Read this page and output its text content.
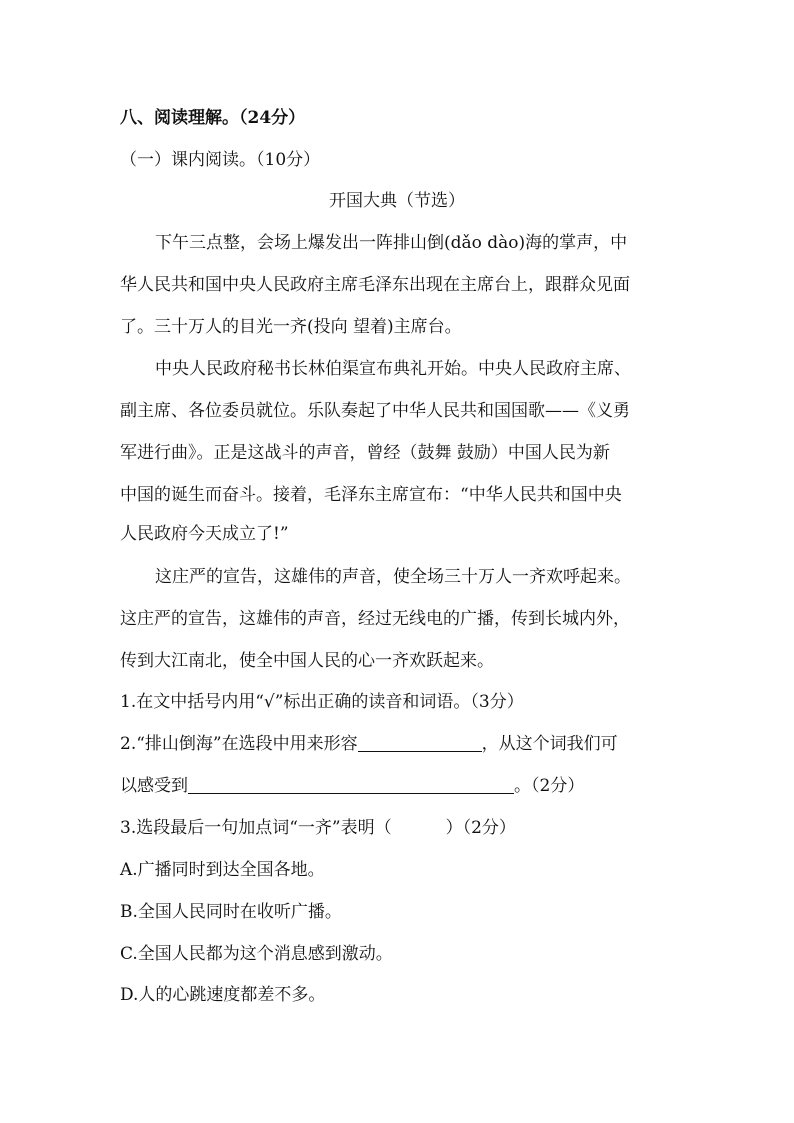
八、阅读理解。（24分）
（一）课内阅读。（10分）
开国大典（节选）
下午三点整，会场上爆发出一阵排山倒(dǎo dào)海的掌声，中
华人民共和国中央人民政府主席毛泽东出现在主席台上，跟群众见面
了。三十万人的目光一齐(投向 望着)主席台。
中央人民政府秘书长林伯渠宣布典礼开始。中央人民政府主席、
副主席、各位委员就位。乐队奏起了中华人民共和国国歌——《义勇
军进行曲》。正是这战斗的声音，曾经（鼓舞 鼓励）中国人民为新
中国的诞生而奋斗。接着，毛泽东主席宣布：“中华人民共和国中央
人民政府今天成立了!”
这庄严的宣告，这雄伟的声音，使全场三十万人一齐欢呼起来。
这庄严的宣告，这雄伟的声音，经过无线电的广播，传到长城内外，
传到大江南北，使全中国人民的心一齐欢跃起来。
1.在文中括号内用“√”标出正确的读音和词语。（3分）
2.“排山倒海”在选段中用来形容	，从这个词我们可
以感受到	。（2分）
3.选段最后一句加点词“一齐”表明（	）（2分）
A.广播同时到达全国各地。
B.全国人民同时在收听广播。
C.全国人民都为这个消息感到激动。
D.人的心跳速度都差不多。
